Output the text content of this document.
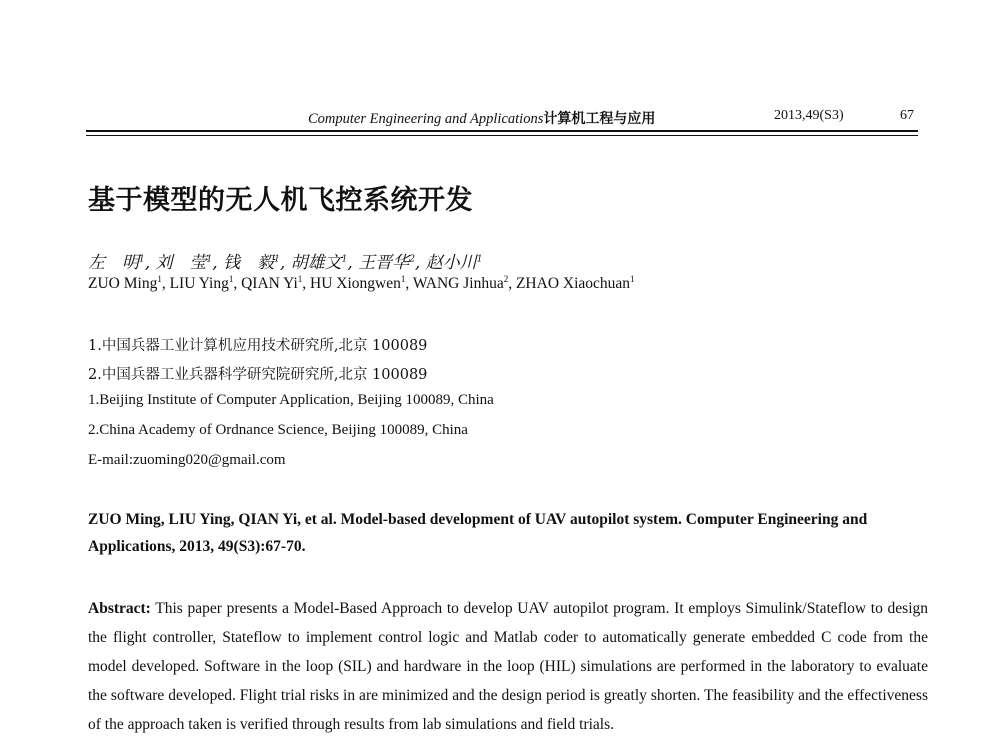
Computer Engineering and Applications计算机工程与应用	2013,49(S3)	67
基于模型的无人机飞控系统开发
左　明$^1$, 刘　莹$^1$, 钱　毅$^1$, 胡雄文$^1$, 王晋华$^2$, 赵小川$^1$
ZUO Ming$^1$, LIU Ying$^1$, QIAN Yi$^1$, HU Xiongwen$^1$, WANG Jinhua$^2$, ZHAO Xiaochuan$^1$
1.中国兵器工业计算机应用技术研究所,北京 100089
2.中国兵器工业兵器科学研究院研究所,北京 100089
1.Beijing Institute of Computer Application, Beijing 100089, China
2.China Academy of Ordnance Science, Beijing 100089, China
E-mail:zuoming020@gmail.com
ZUO Ming, LIU Ying, QIAN Yi, et al. Model-based development of UAV autopilot system. Computer Engineering and Applications, 2013, 49(S3):67-70.
Abstract: This paper presents a Model-Based Approach to develop UAV autopilot program. It employs Simulink/Stateflow to design the flight controller, Stateflow to implement control logic and Matlab coder to automatically generate embedded C code from the model developed. Software in the loop (SIL) and hardware in the loop (HIL) simulations are performed in the laboratory to evaluate the software developed. Flight trial risks in are minimized and the design period is greatly shorten. The feasibility and the effectiveness of the approach taken is verified through results from lab simulations and field trials.
